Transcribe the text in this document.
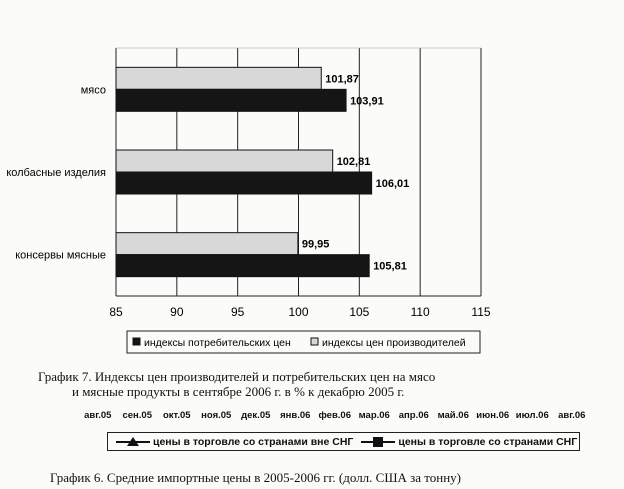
85	90	95	100	105	110	115
мясо
101,87
103,91
колбасные изделия
102,81
106,01
консервы мясные
99,95
105,81
индексы потребительских цен	индексы цен производителей
График 7. Индексы цен производителей и потребительских цен на мясо
и мясные продукты в сентябре 2006 г. в % к декабрю 2005 г.
авг.05	сен.05	окт.05	ноя.05	дек.05	янв.06 фев.06 мар.06 апр.06 май.06 июн.06 июл.06 авг.06
цены в торговле со странами вне СНГ	цены в торговле со странами СНГ
График 6. Средние импортные цены в 2005-2006 гг. (долл. США за тонну)
